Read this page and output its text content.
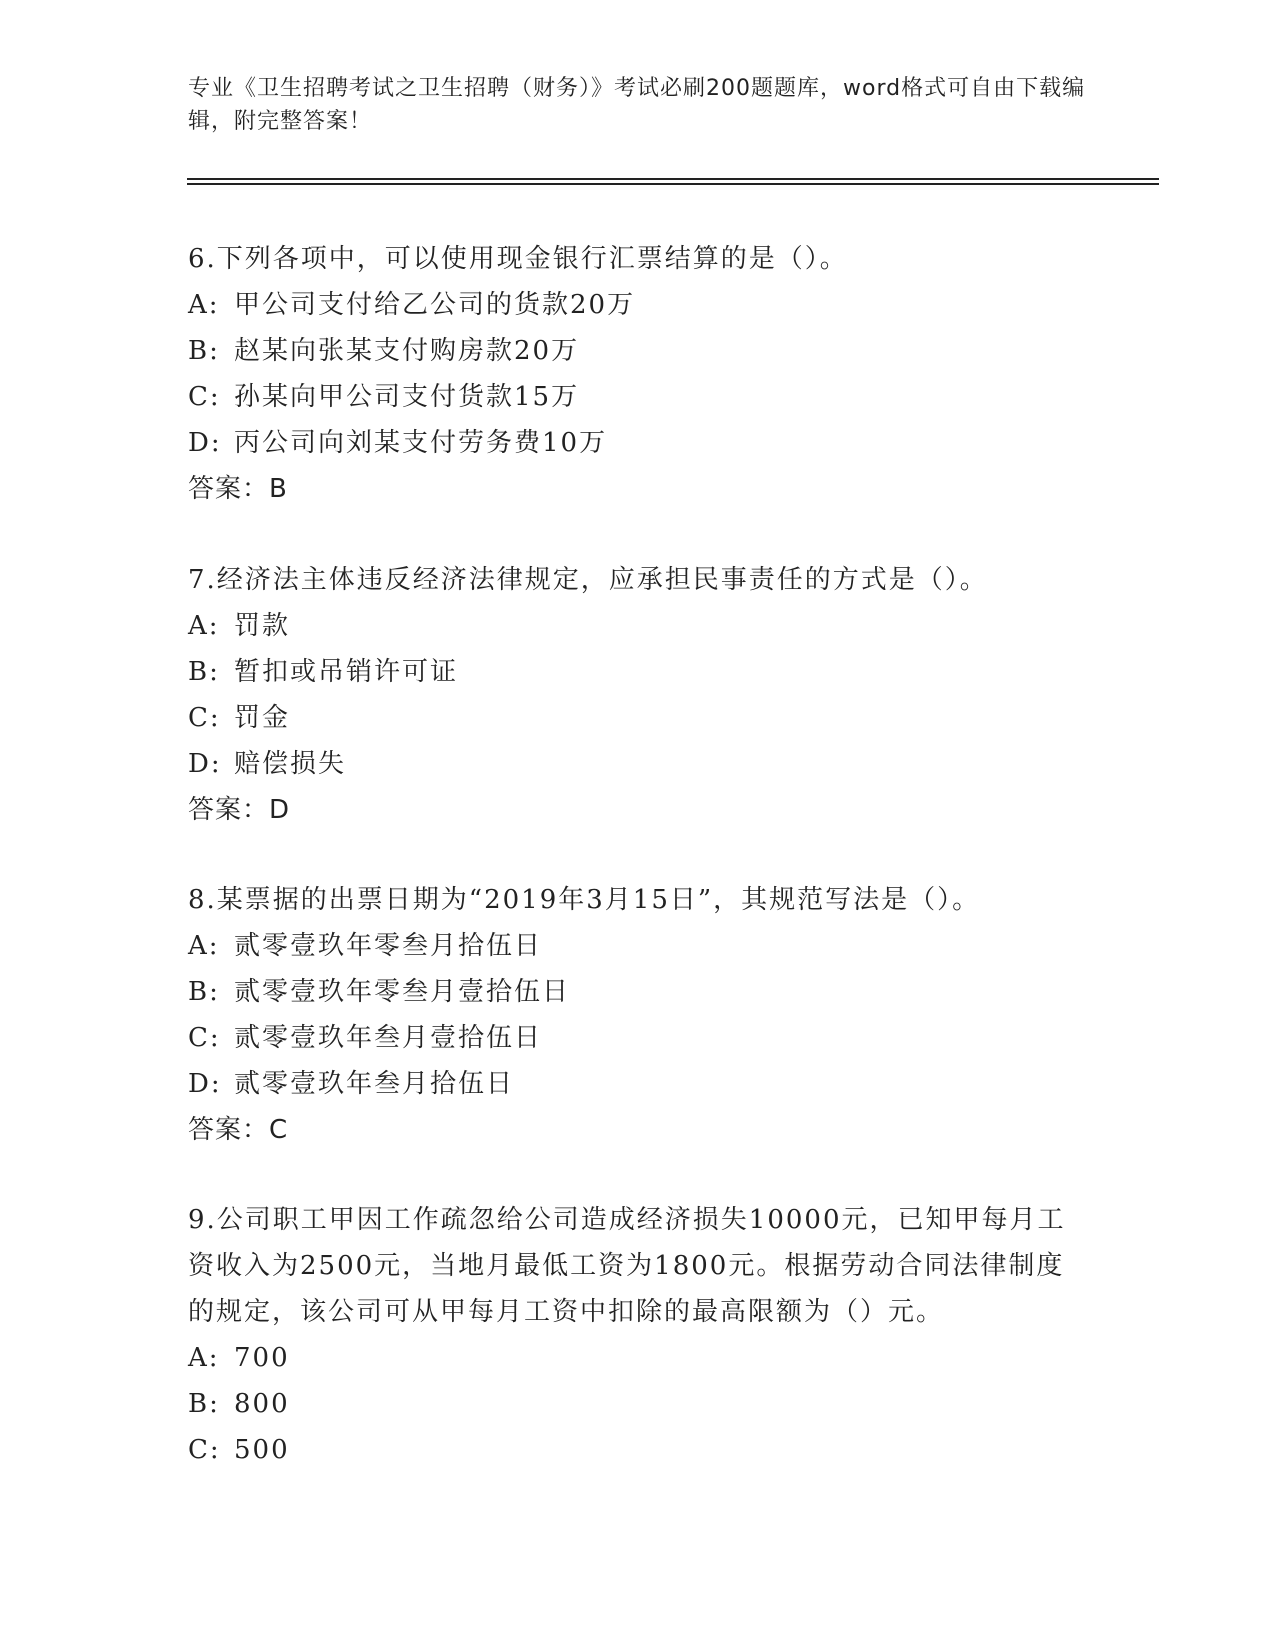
专业《卫生招聘考试之卫生招聘（财务）》考试必刷200题题库，word格式可自由下载编辑，附完整答案！

6.下列各项中，可以使用现金银行汇票结算的是（）。

A: 甲公司支付给乙公司的货款20万

B: 赵某向张某支付购房款20万

C: 孙某向甲公司支付货款15万

D: 丙公司向刘某支付劳务费10万

答案：B

7.经济法主体违反经济法律规定，应承担民事责任的方式是（）。

A: 罚款

B: 暂扣或吊销许可证

C: 罚金

D: 赔偿损失

答案：D

8.某票据的出票日期为“2019年3月15日”，其规范写法是（）。

A: 贰零壹玖年零叁月拾伍日

B: 贰零壹玖年零叁月壹拾伍日

C: 贰零壹玖年叁月壹拾伍日

D: 贰零壹玖年叁月拾伍日

答案：C

9.公司职工甲因工作疏忽给公司造成经济损失10000元，已知甲每月工资收入为2500元，当地月最低工资为1800元。根据劳动合同法律制度的规定，该公司可从甲每月工资中扣除的最高限额为（）元。

A: 700

B: 800

C: 500
